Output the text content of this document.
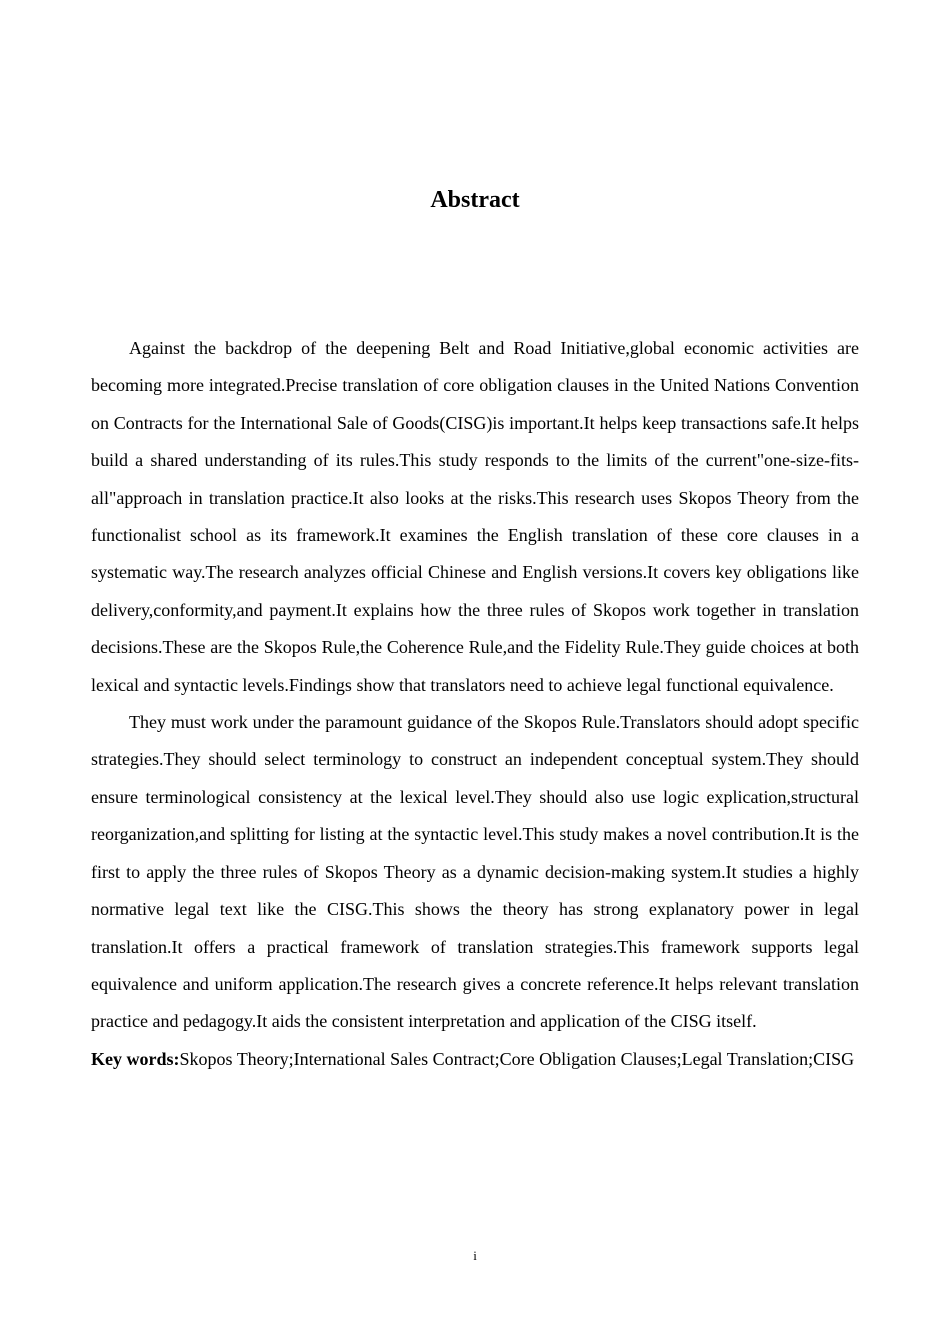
Abstract

Against the backdrop of the deepening Belt and Road Initiative,global economic activities are becoming more integrated.Precise translation of core obligation clauses in the United Nations Convention on Contracts for the International Sale of Goods(CISG)is important.It helps keep transactions safe.It helps build a shared understanding of its rules.This study responds to the limits of the current"one-size-fits-all"approach in translation practice.It also looks at the risks.This research uses Skopos Theory from the functionalist school as its framework.It examines the English translation of these core clauses in a systematic way.The research analyzes official Chinese and English versions.It covers key obligations like delivery,conformity,and payment.It explains how the three rules of Skopos work together in translation decisions.These are the Skopos Rule,the Coherence Rule,and the Fidelity Rule.They guide choices at both lexical and syntactic levels.Findings show that translators need to achieve legal functional equivalence.

They must work under the paramount guidance of the Skopos Rule.Translators should adopt specific strategies.They should select terminology to construct an independent conceptual system.They should ensure terminological consistency at the lexical level.They should also use logic explication,structural reorganization,and splitting for listing at the syntactic level.This study makes a novel contribution.It is the first to apply the three rules of Skopos Theory as a dynamic decision-making system.It studies a highly normative legal text like the CISG.This shows the theory has strong explanatory power in legal translation.It offers a practical framework of translation strategies.This framework supports legal equivalence and uniform application.The research gives a concrete reference.It helps relevant translation practice and pedagogy.It aids the consistent interpretation and application of the CISG itself.

Key words:Skopos Theory;International Sales Contract;Core Obligation Clauses;Legal Translation;CISG

i
